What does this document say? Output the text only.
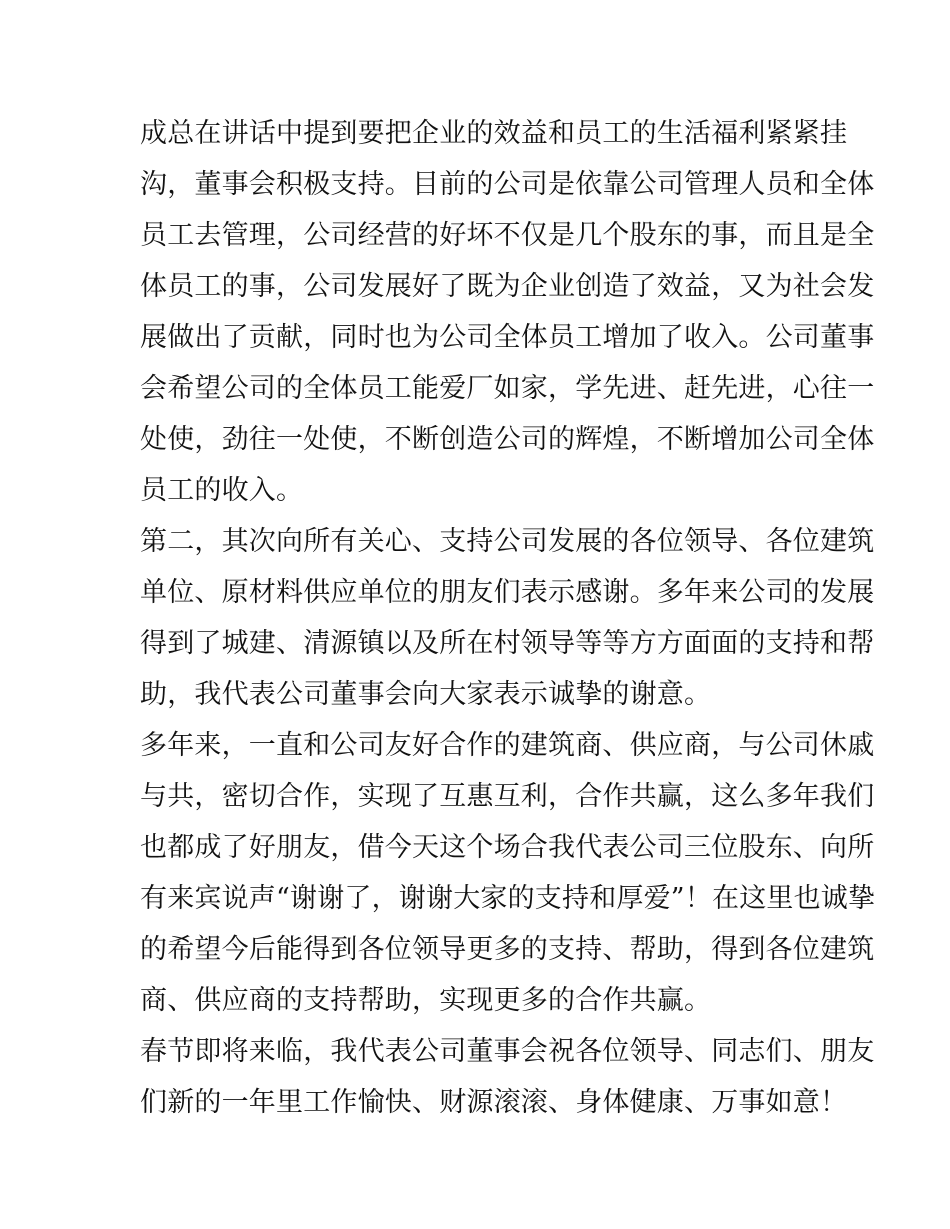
成总在讲话中提到要把企业的效益和员工的生活福利紧紧挂
沟，董事会积极支持。目前的公司是依靠公司管理人员和全体
员工去管理，公司经营的好坏不仅是几个股东的事，而且是全
体员工的事，公司发展好了既为企业创造了效益，又为社会发
展做出了贡献，同时也为公司全体员工增加了收入。公司董事
会希望公司的全体员工能爱厂如家，学先进、赶先进，心往一
处使，劲往一处使，不断创造公司的辉煌，不断增加公司全体
员工的收入。
第二，其次向所有关心、支持公司发展的各位领导、各位建筑
单位、原材料供应单位的朋友们表示感谢。多年来公司的发展
得到了城建、清源镇以及所在村领导等等方方面面的支持和帮
助，我代表公司董事会向大家表示诚挚的谢意。
多年来，一直和公司友好合作的建筑商、供应商，与公司休戚
与共，密切合作，实现了互惠互利，合作共赢，这么多年我们
也都成了好朋友，借今天这个场合我代表公司三位股东、向所
有来宾说声“谢谢了，谢谢大家的支持和厚爱”！在这里也诚挚
的希望今后能得到各位领导更多的支持、帮助，得到各位建筑
商、供应商的支持帮助，实现更多的合作共赢。
春节即将来临，我代表公司董事会祝各位领导、同志们、朋友
们新的一年里工作愉快、财源滚滚、身体健康、万事如意！
